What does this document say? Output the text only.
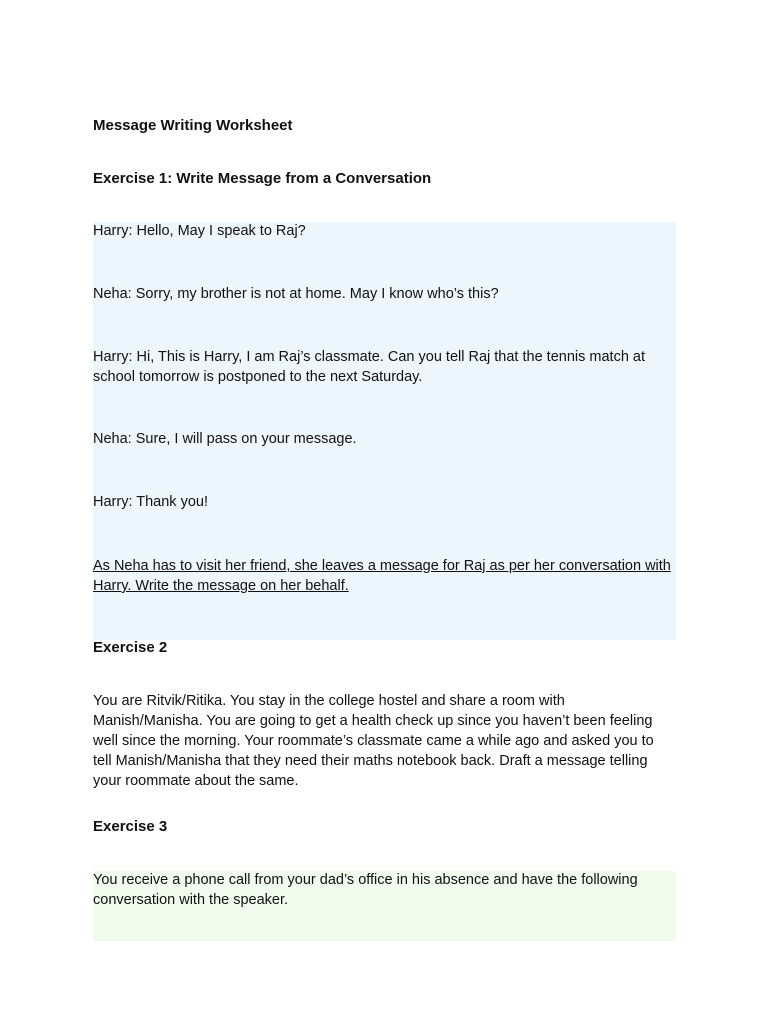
Message Writing Worksheet
Exercise 1: Write Message from a Conversation

Harry: Hello, May I speak to Raj?

Neha: Sorry, my brother is not at home. May I know who’s this?

Harry: Hi, This is Harry, I am Raj’s classmate. Can you tell Raj that the tennis match at school tomorrow is postponed to the next Saturday.

Neha: Sure, I will pass on your message.

Harry: Thank you!

As Neha has to visit her friend, she leaves a message for Raj as per her conversation with Harry. Write the message on her behalf.

Exercise 2

You are Ritvik/Ritika. You stay in the college hostel and share a room with Manish/Manisha. You are going to get a health check up since you haven’t been feeling well since the morning. Your roommate’s classmate came a while ago and asked you to tell Manish/Manisha that they need their maths notebook back. Draft a message telling your roommate about the same.

Exercise 3

You receive a phone call from your dad’s office in his absence and have the following conversation with the speaker.
